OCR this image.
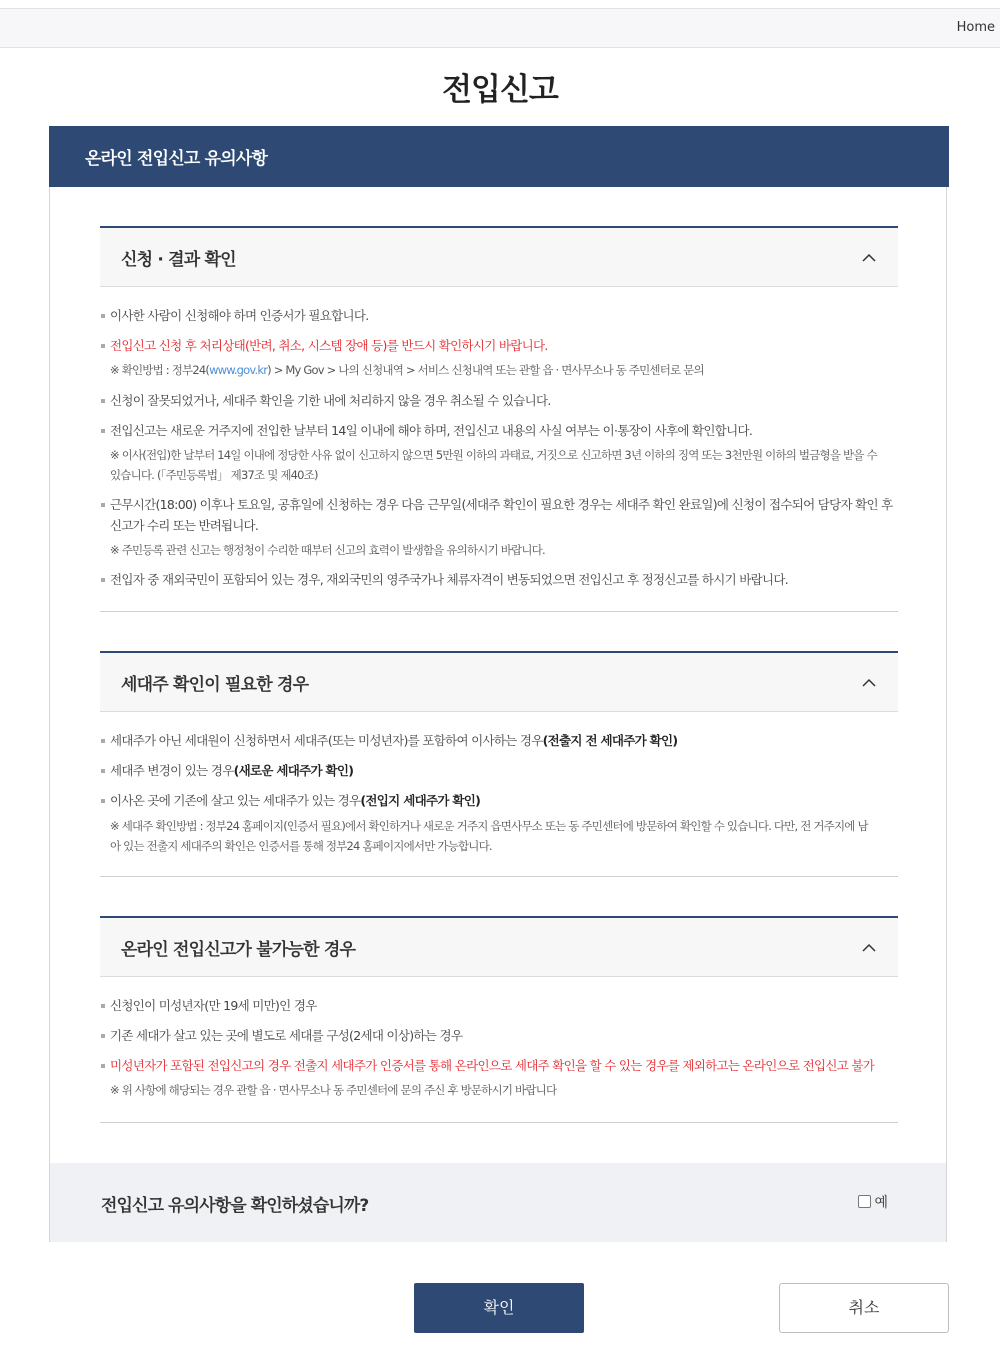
Home
전입신고
온라인 전입신고 유의사항
신청 · 결과 확인
이사한 사람이 신청해야 하며 인증서가 필요합니다.
전입신고 신청 후 처리상태(반려, 취소, 시스템 장애 등)를 반드시 확인하시기 바랍니다.
※ 확인방법 : 정부24(www.gov.kr) > My Gov > 나의 신청내역 > 서비스 신청내역 또는 관할 읍 · 면사무소나 동 주민센터로 문의
신청이 잘못되었거나, 세대주 확인을 기한 내에 처리하지 않을 경우 취소될 수 있습니다.
전입신고는 새로운 거주지에 전입한 날부터 14일 이내에 해야 하며, 전입신고 내용의 사실 여부는 이·통장이 사후에 확인합니다.
※ 이사(전입)한 날부터 14일 이내에 정당한 사유 없이 신고하지 않으면 5만원 이하의 과태료, 거짓으로 신고하면 3년 이하의 징역 또는 3천만원 이하의 벌금형을 받을 수
있습니다. (「주민등록법」 제37조 및 제40조)
근무시간(18:00) 이후나 토요일, 공휴일에 신청하는 경우 다음 근무일(세대주 확인이 필요한 경우는 세대주 확인 완료일)에 신청이 접수되어 담당자 확인 후
신고가 수리 또는 반려됩니다.
※ 주민등록 관련 신고는 행정청이 수리한 때부터 신고의 효력이 발생함을 유의하시기 바랍니다.
전입자 중 재외국민이 포함되어 있는 경우, 재외국민의 영주국가나 체류자격이 변동되었으면 전입신고 후 정정신고를 하시기 바랍니다.
세대주 확인이 필요한 경우
세대주가 아닌 세대원이 신청하면서 세대주(또는 미성년자)를 포함하여 이사하는 경우(전출지 전 세대주가 확인)
세대주 변경이 있는 경우(새로운 세대주가 확인)
이사온 곳에 기존에 살고 있는 세대주가 있는 경우(전입지 세대주가 확인)
※ 세대주 확인방법 : 정부24 홈페이지(인증서 필요)에서 확인하거나 새로운 거주지 읍면사무소 또는 동 주민센터에 방문하여 확인할 수 있습니다. 다만, 전 거주지에 남
아 있는 전출지 세대주의 확인은 인증서를 통해 정부24 홈페이지에서만 가능합니다.
온라인 전입신고가 불가능한 경우
신청인이 미성년자(만 19세 미만)인 경우
기존 세대가 살고 있는 곳에 별도로 세대를 구성(2세대 이상)하는 경우
미성년자가 포함된 전입신고의 경우 전출지 세대주가 인증서를 통해 온라인으로 세대주 확인을 할 수 있는 경우를 제외하고는 온라인으로 전입신고 불가
※ 위 사항에 해당되는 경우 관할 읍 · 면사무소나 동 주민센터에 문의 주신 후 방문하시기 바랍니다
전입신고 유의사항을 확인하셨습니까?	예
확인	취소
